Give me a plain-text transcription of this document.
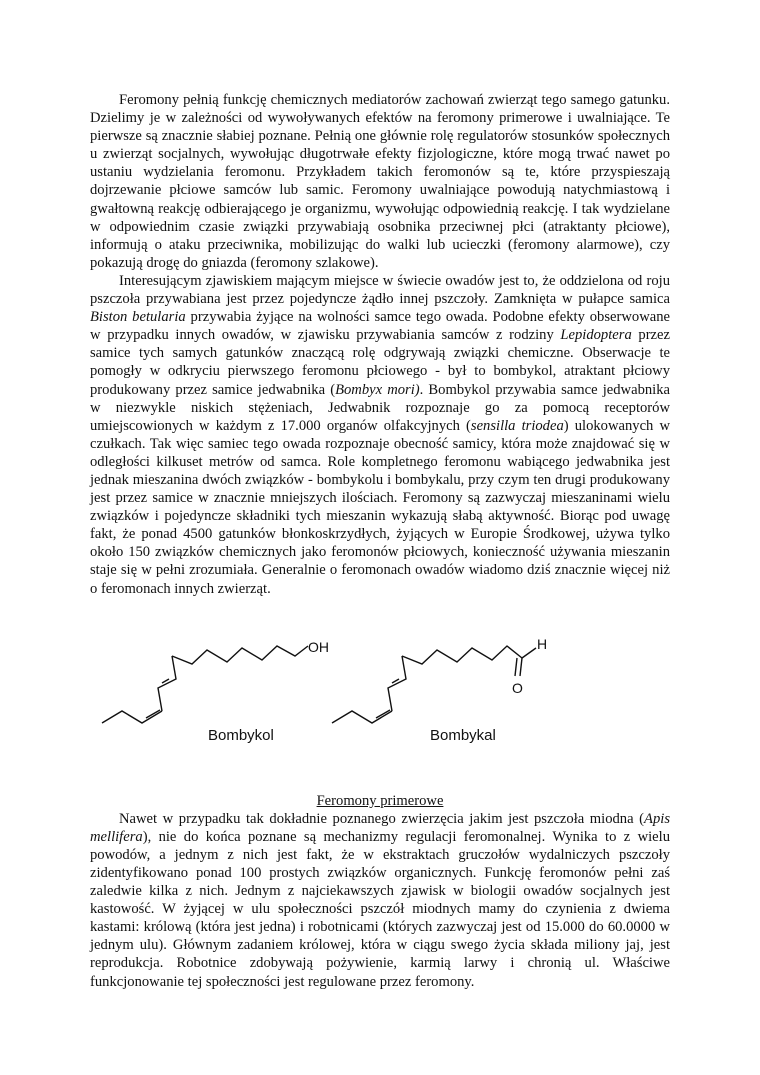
Feromony pełnią funkcję chemicznych mediatorów zachowań zwierząt tego samego gatunku. Dzielimy je w zależności od wywoływanych efektów na feromony primerowe i uwalniające. Te pierwsze są znacznie słabiej poznane. Pełnią one głównie rolę regulatorów stosunków społecznych u zwierząt socjalnych, wywołując długotrwałe efekty fizjologiczne, które mogą trwać nawet po ustaniu wydzielania feromonu. Przykładem takich feromonów są te, które przyspieszają dojrzewanie płciowe samców lub samic. Feromony uwalniające powodują natychmiastową i gwałtowną reakcję odbierającego je organizmu, wywołując odpowiednią reakcję. I tak wydzielane w odpowiednim czasie związki przywabiają osobnika przeciwnej płci (atraktanty płciowe), informują o ataku przeciwnika, mobilizując do walki lub ucieczki (feromony alarmowe), czy pokazują drogę do gniazda (feromony szlakowe).

Interesującym zjawiskiem mającym miejsce w świecie owadów jest to, że oddzielona od roju pszczoła przywabiana jest przez pojedyncze żądło innej pszczoły. Zamknięta w pułapce samica Biston betularia przywabia żyjące na wolności samce tego owada. Podobne efekty obserwowane w przypadku innych owadów, w zjawisku przywabiania samców z rodziny Lepidoptera przez samice tych samych gatunków znaczącą rolę odgrywają związki chemiczne. Obserwacje te pomogły w odkryciu pierwszego feromonu płciowego - był to bombykol, atraktant płciowy produkowany przez samice jedwabnika (Bombyx mori). Bombykol przywabia samce jedwabnika w niezwykle niskich stężeniach, Jedwabnik rozpoznaje go za pomocą receptorów umiejscowionych w każdym z 17.000 organów olfakcyjnych (sensilla triodea) ulokowanych w czułkach. Tak więc samiec tego owada rozpoznaje obecność samicy, która może znajdować się w odległości kilkuset metrów od samca. Role kompletnego feromonu wabiącego jedwabnika jest jednak mieszanina dwóch związków - bombykolu i bombykalu, przy czym ten drugi produkowany jest przez samice w znacznie mniejszych ilościach. Feromony są zazwyczaj mieszaninami wielu związków i pojedyncze składniki tych mieszanin wykazują słabą aktywność. Biorąc pod uwagę fakt, że ponad 4500 gatunków błonkoskrzydłych, żyjących w Europie Środkowej, używa tylko około 150 związków chemicznych jako feromonów płciowych, konieczność używania mieszanin staje się w pełni zrozumiała. Generalnie o feromonach owadów wiadomo dziś znacznie więcej niż o feromonach innych zwierząt.

OH	H
O
Bombykol	Bombykal

Feromony primerowe

Nawet w przypadku tak dokładnie poznanego zwierzęcia jakim jest pszczoła miodna (Apis mellifera), nie do końca poznane są mechanizmy regulacji feromonalnej. Wynika to z wielu powodów, a jednym z nich jest fakt, że w ekstraktach gruczołów wydalniczych pszczoły zidentyfikowano ponad 100 prostych związków organicznych. Funkcję feromonów pełni zaś zaledwie kilka z nich. Jednym z najciekawszych zjawisk w biologii owadów socjalnych jest kastowość. W żyjącej w ulu społeczności pszczół miodnych mamy do czynienia z dwiema kastami: królową (która jest jedna) i robotnicami (których zazwyczaj jest od 15.000 do 60.0000 w jednym ulu). Głównym zadaniem królowej, która w ciągu swego życia składa miliony jaj, jest reprodukcja. Robotnice zdobywają pożywienie, karmią larwy i chronią ul. Właściwe funkcjonowanie tej społeczności jest regulowane przez feromony.
